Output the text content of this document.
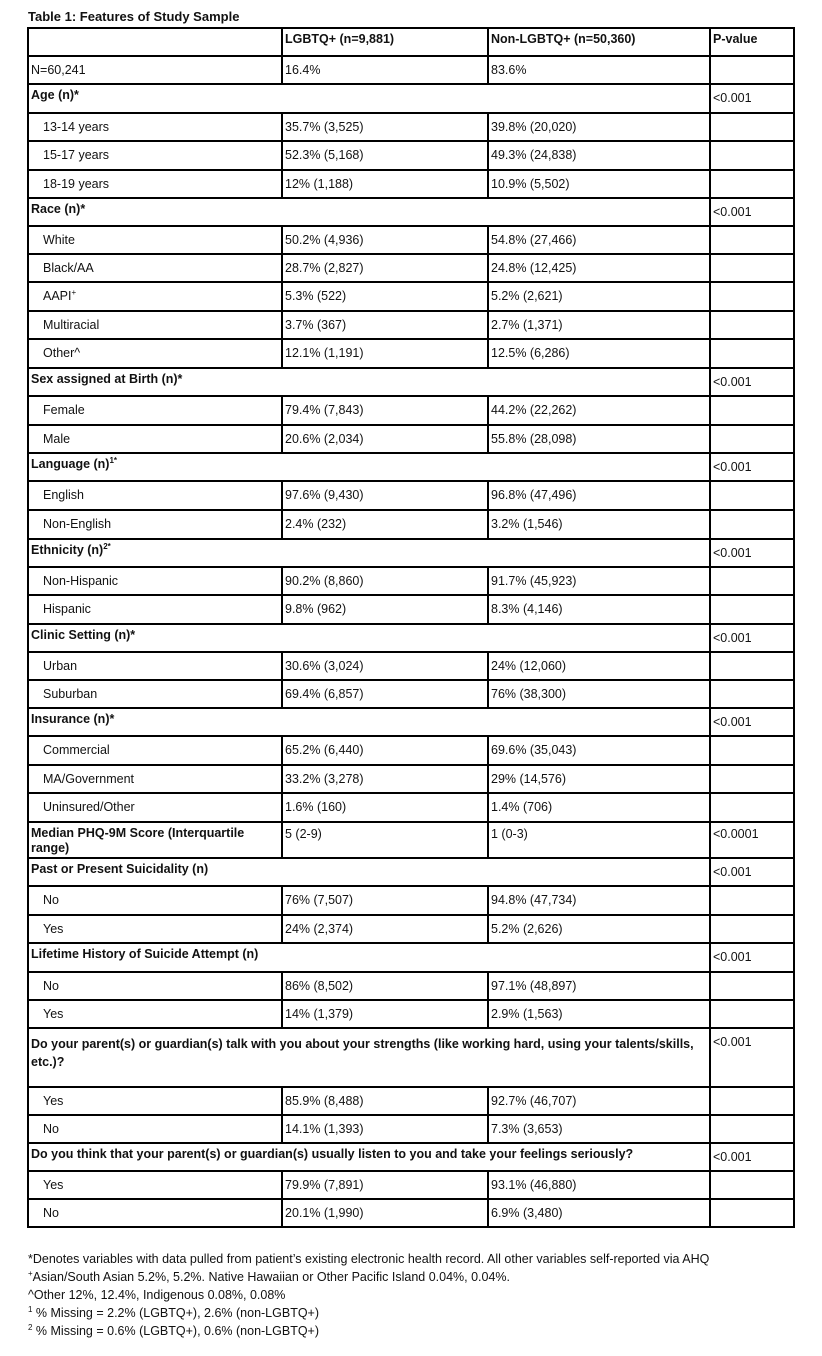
Table 1: Features of Study Sample
	LGBTQ+ (n=9,881)	Non-LGBTQ+ (n=50,360)	P-value
N=60,241	16.4%	83.6%	
Age (n)*			<0.001
13-14 years	35.7% (3,525)	39.8% (20,020)	
15-17 years	52.3% (5,168)	49.3% (24,838)	
18-19 years	12% (1,188)	10.9% (5,502)	
Race (n)*			<0.001
White	50.2% (4,936)	54.8% (27,466)	
Black/AA	28.7% (2,827)	24.8% (12,425)	
AAPI+	5.3% (522)	5.2% (2,621)	
Multiracial	3.7% (367)	2.7% (1,371)	
Other^	12.1% (1,191)	12.5% (6,286)	
Sex assigned at Birth (n)*			<0.001
Female	79.4% (7,843)	44.2% (22,262)	
Male	20.6% (2,034)	55.8% (28,098)	
Language $(n)^{1*}$			<0.001
English	97.6% (9,430)	96.8% (47,496)	
Non-English	2.4% (232)	3.2% (1,546)	
Ethnicity $(n)^{2*}$			<0.001
Non-Hispanic	90.2% (8,860)	91.7% (45,923)	
Hispanic	9.8% (962)	8.3% (4,146)	
Clinic Setting (n)*			<0.001
Urban	30.6% (3,024)	24% (12,060)	
Suburban	69.4% (6,857)	76% (38,300)	
Insurance (n)*			<0.001
Commercial	65.2% (6,440)	69.6% (35,043)	
MA/Government	33.2% (3,278)	29% (14,576)	
Uninsured/Other	1.6% (160)	1.4% (706)	
Median PHQ-9M Score (Interquartile range)	5 (2-9)	1 (0-3)	<0.0001
Past or Present Suicidality (n)			<0.001
No	76% (7,507)	94.8% (47,734)	
Yes	24% (2,374)	5.2% (2,626)	
Lifetime History of Suicide Attempt (n)			<0.001
No	86% (8,502)	97.1% (48,897)	
Yes	14% (1,379)	2.9% (1,563)	
Do your parent(s) or guardian(s) talk with you about your strengths (like working hard, using your talents/skills, etc.)?			<0.001
Yes	85.9% (8,488)	92.7% (46,707)	
No	14.1% (1,393)	7.3% (3,653)	
Do you think that your parent(s) or guardian(s) usually listen to you and take your feelings seriously?			<0.001
Yes	79.9% (7,891)	93.1% (46,880)	
No	20.1% (1,990)	6.9% (3,480)	
*Denotes variables with data pulled from patient’s existing electronic health record. All other variables self-reported via AHQ
+Asian/South Asian 5.2%, 5.2%. Native Hawaiian or Other Pacific Island 0.04%, 0.04%.
^Other 12%, 12.4%, Indigenous 0.08%, 0.08%
$^1$ % Missing = 2.2% (LGBTQ+), 2.6% (non-LGBTQ+)
$^2$ % Missing = 0.6% (LGBTQ+), 0.6% (non-LGBTQ+)
